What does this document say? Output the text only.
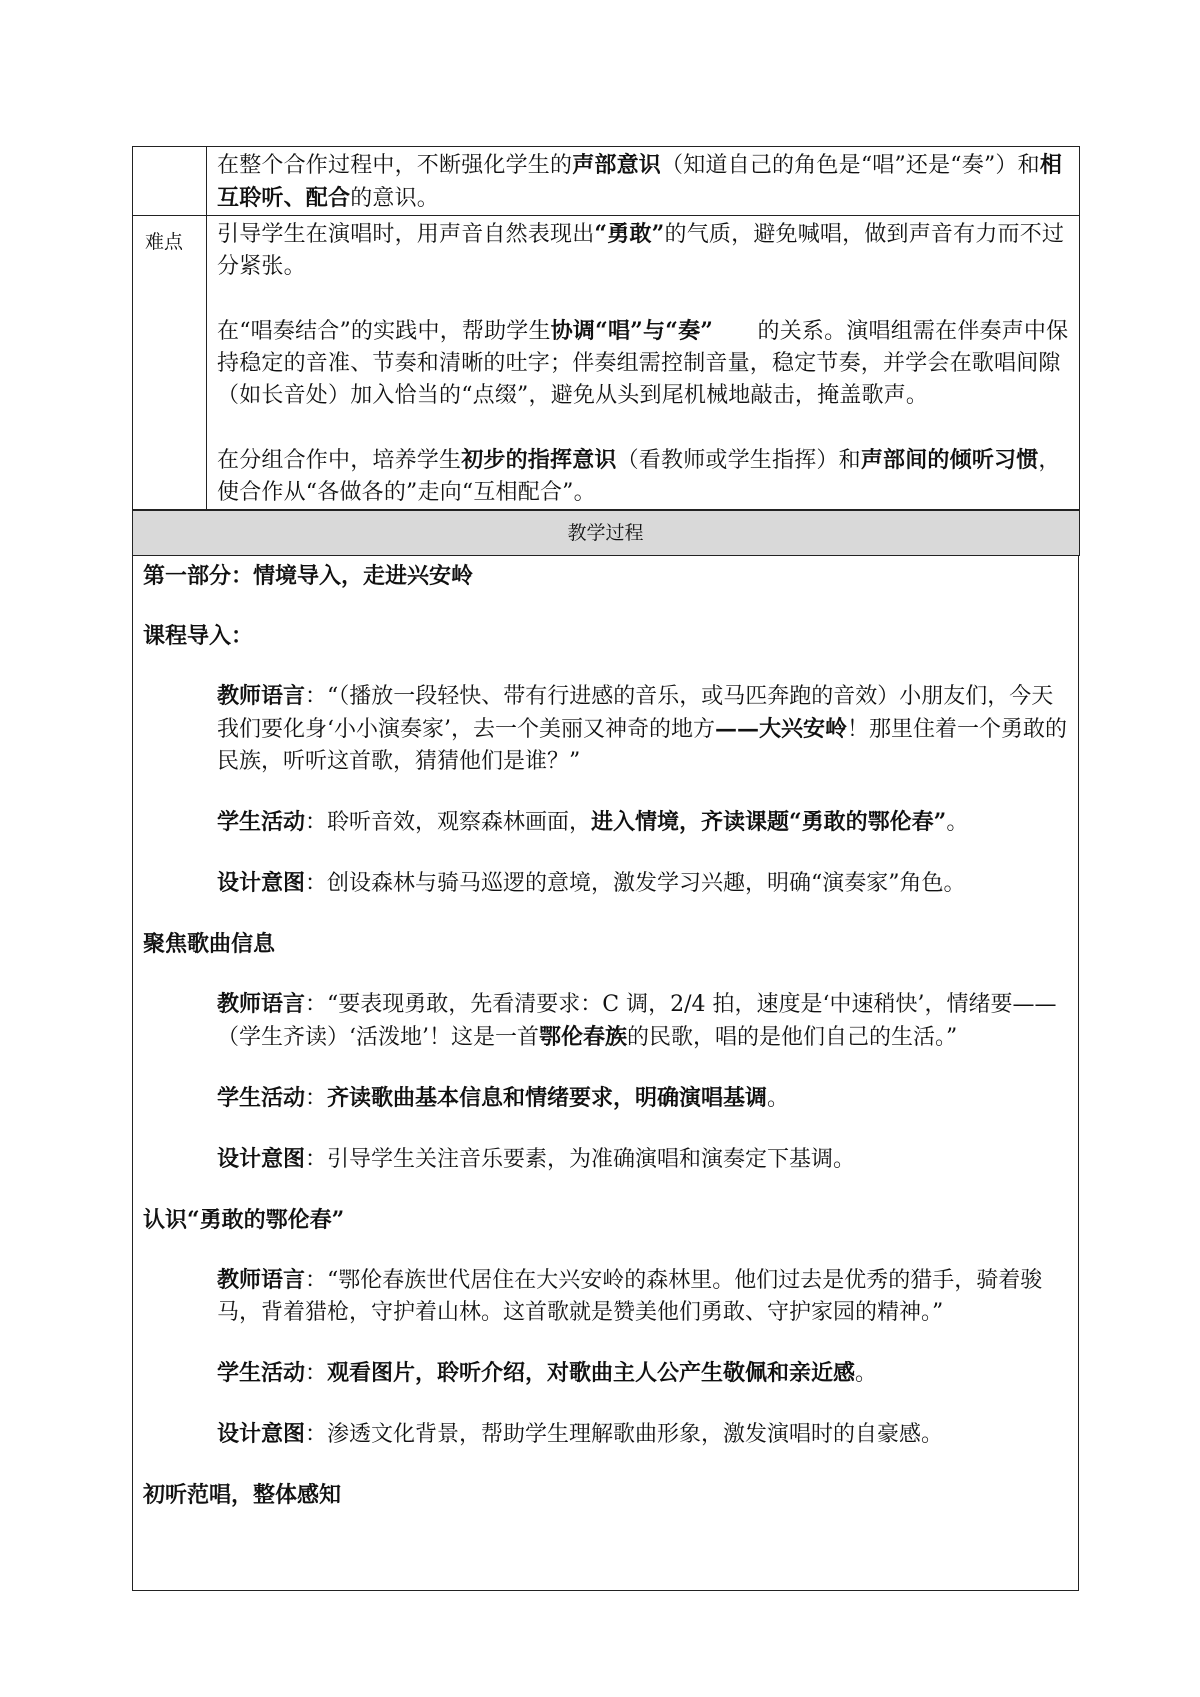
	在整个合作过程中，不断强化学生的声部意识（知道自己的角色是“唱”还是“奏”）和相互聆听、配合的意识。

难点	引导学生在演唱时，用声音自然表现出“勇敢”的气质，避免喊唱，做到声音有力而不过分紧张。

在“唱奏结合”的实践中，帮助学生协调“唱”与“奏”　　的关系。演唱组需在伴奏声中保持稳定的音准、节奏和清晰的吐字；伴奏组需控制音量，稳定节奏，并学会在歌唱间隙（如长音处）加入恰当的“点缀”，避免从头到尾机械地敲击，掩盖歌声。

在分组合作中，培养学生初步的指挥意识（看教师或学生指挥）和声部间的倾听习惯，使合作从“各做各的”走向“互相配合”。

教学过程

第一部分：情境导入，走进兴安岭

课程导入：

教师语言：“（播放一段轻快、带有行进感的音乐，或马匹奔跑的音效）小朋友们，今天我们要化身‘小小演奏家’，去一个美丽又神奇的地方——大兴安岭！那里住着一个勇敢的民族，听听这首歌，猜猜他们是谁？”

学生活动：聆听音效，观察森林画面，进入情境，齐读课题“勇敢的鄂伦春”。

设计意图：创设森林与骑马巡逻的意境，激发学习兴趣，明确“演奏家”角色。

聚焦歌曲信息

教师语言：“要表现勇敢，先看清要求：C 调，2/4 拍，速度是‘中速稍快’，情绪要——（学生齐读）‘活泼地’！这是一首鄂伦春族的民歌，唱的是他们自己的生活。”

学生活动：齐读歌曲基本信息和情绪要求，明确演唱基调。

设计意图：引导学生关注音乐要素，为准确演唱和演奏定下基调。

认识“勇敢的鄂伦春”

教师语言：“鄂伦春族世代居住在大兴安岭的森林里。他们过去是优秀的猎手，骑着骏马，背着猎枪，守护着山林。这首歌就是赞美他们勇敢、守护家园的精神。”

学生活动：观看图片，聆听介绍，对歌曲主人公产生敬佩和亲近感。

设计意图：渗透文化背景，帮助学生理解歌曲形象，激发演唱时的自豪感。

初听范唱，整体感知
